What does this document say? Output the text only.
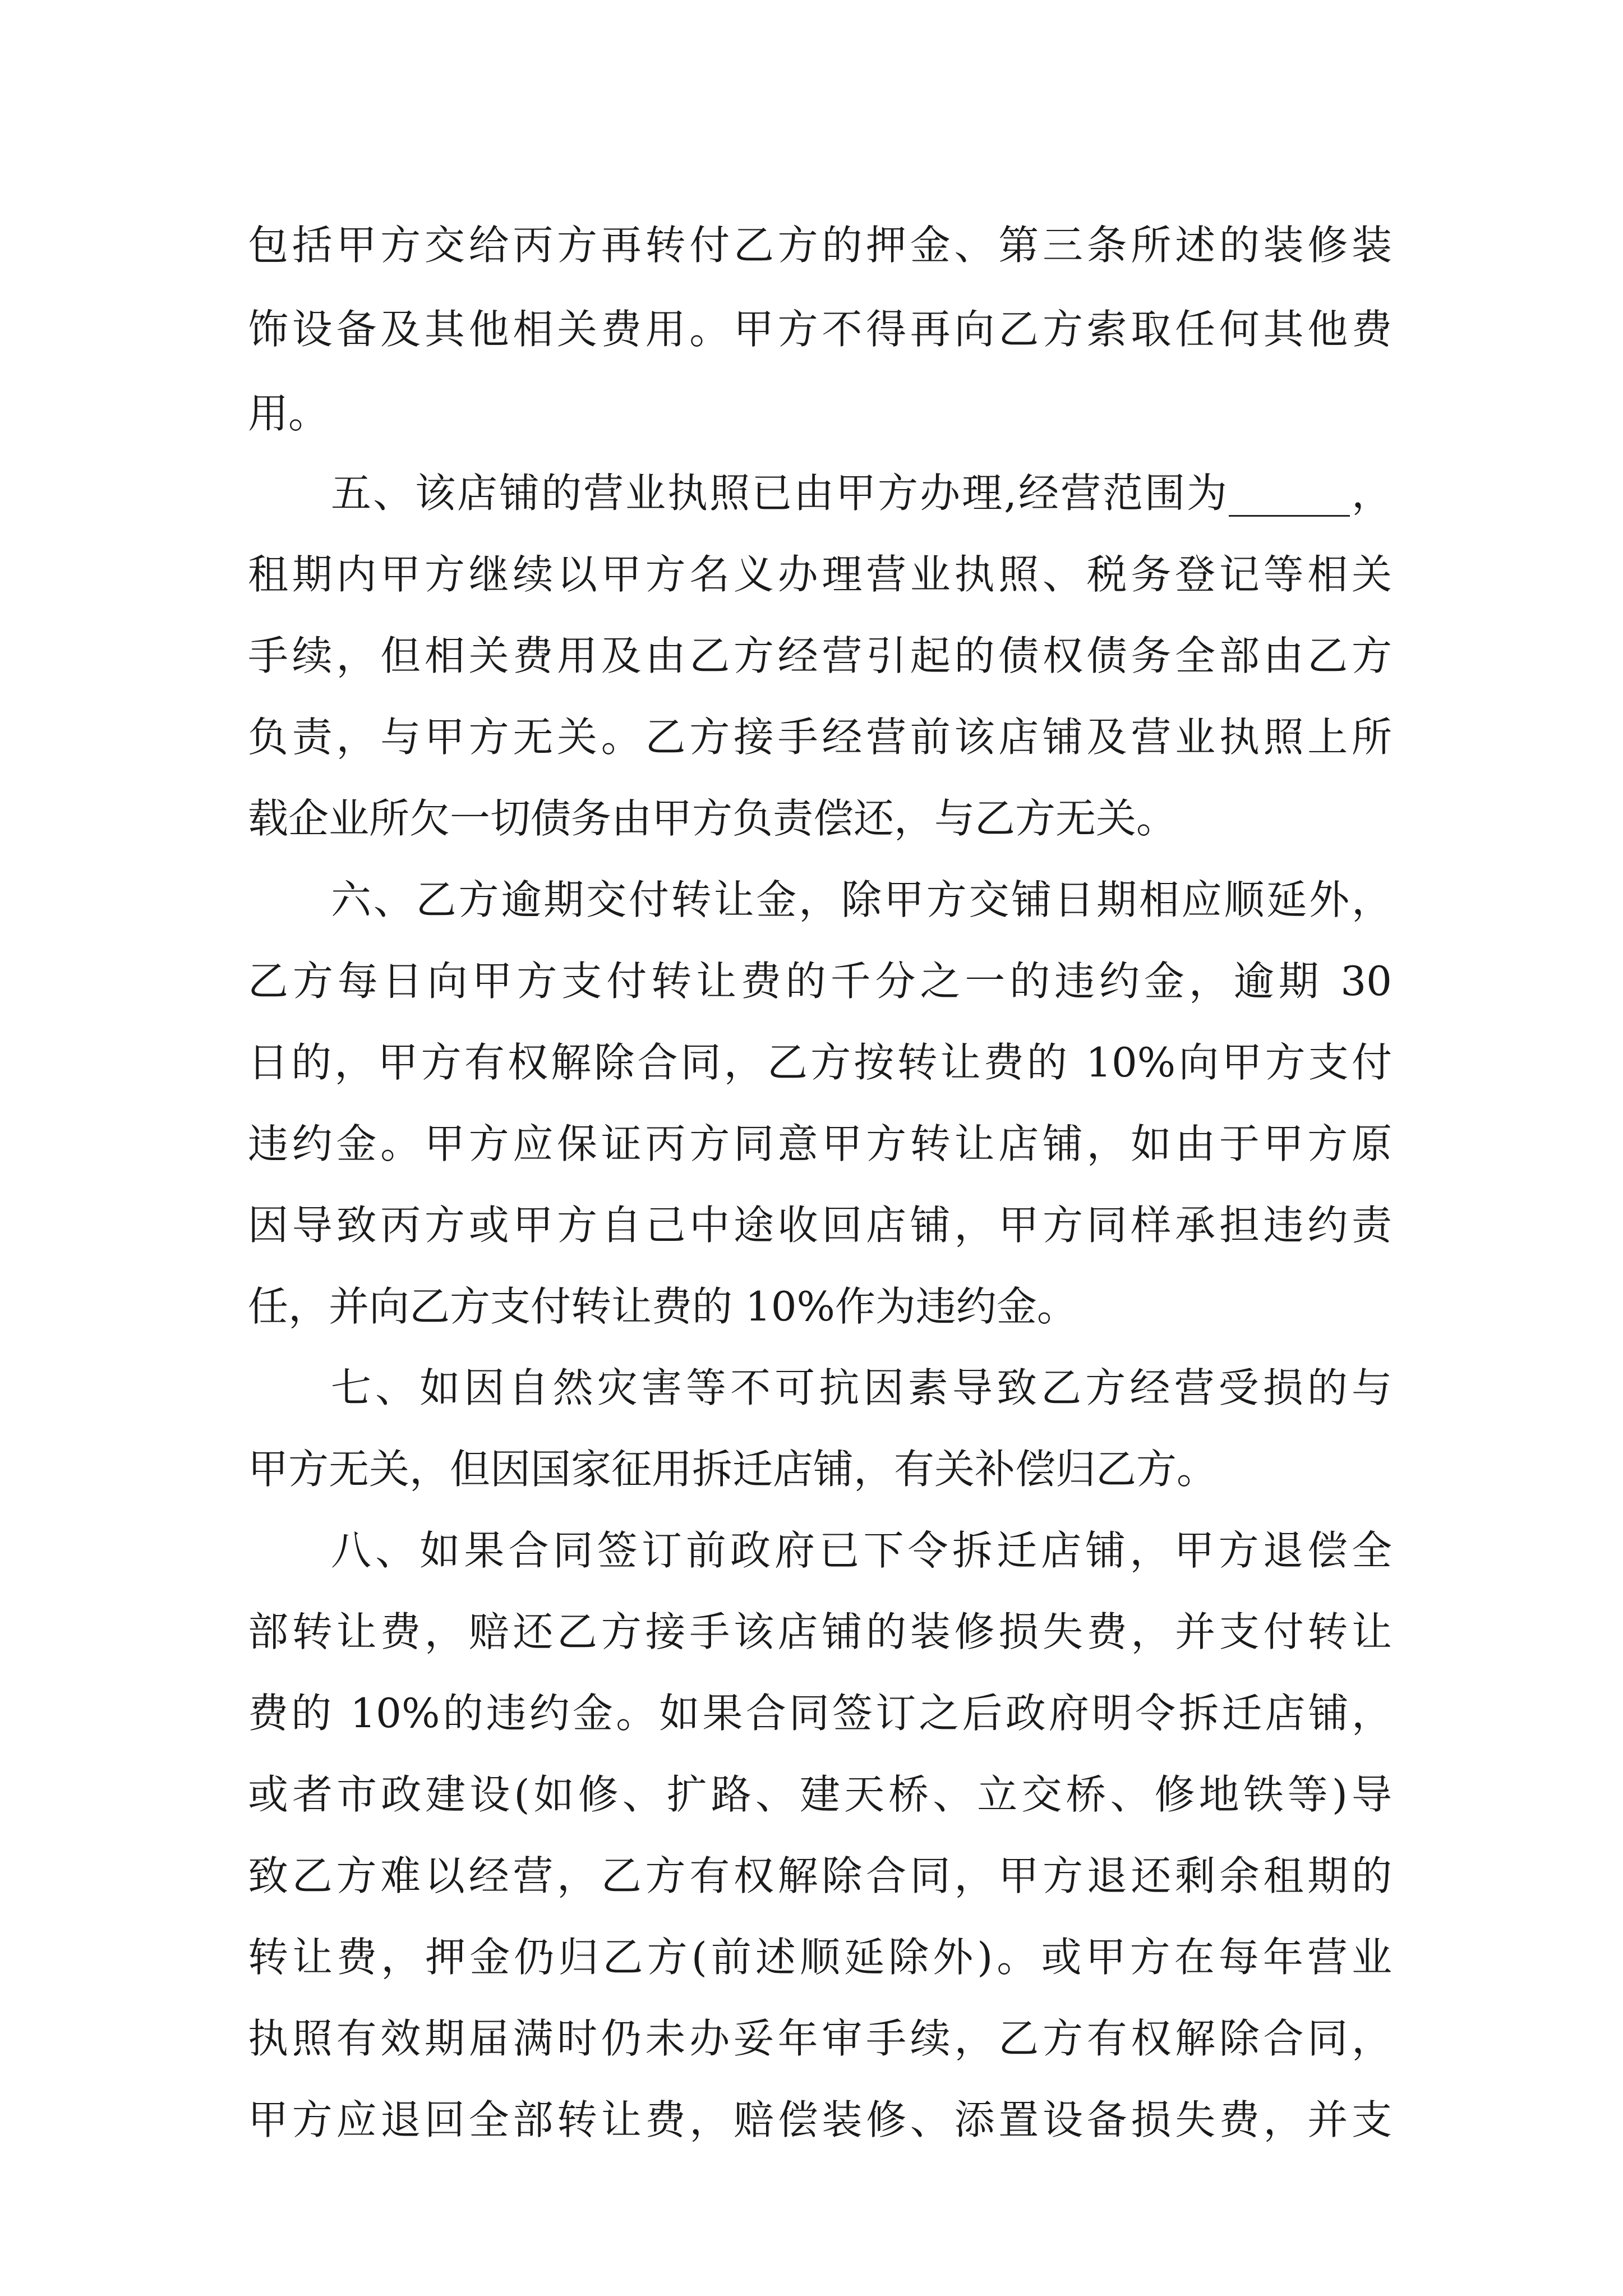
包括甲方交给丙方再转付乙方的押金、第三条所述的装修装
饰设备及其他相关费用。甲方不得再向乙方索取任何其他费
用。
五、该店铺的营业执照已由甲方办理,经营范围为______，
租期内甲方继续以甲方名义办理营业执照、税务登记等相关
手续，但相关费用及由乙方经营引起的债权债务全部由乙方
负责，与甲方无关。乙方接手经营前该店铺及营业执照上所
载企业所欠一切债务由甲方负责偿还，与乙方无关。
六、乙方逾期交付转让金，除甲方交铺日期相应顺延外，
乙方每日向甲方支付转让费的千分之一的违约金，逾期 30
日的，甲方有权解除合同，乙方按转让费的 10%向甲方支付
违约金。甲方应保证丙方同意甲方转让店铺，如由于甲方原
因导致丙方或甲方自己中途收回店铺，甲方同样承担违约责
任，并向乙方支付转让费的 10%作为违约金。
七、如因自然灾害等不可抗因素导致乙方经营受损的与
甲方无关，但因国家征用拆迁店铺，有关补偿归乙方。
八、如果合同签订前政府已下令拆迁店铺，甲方退偿全
部转让费，赔还乙方接手该店铺的装修损失费，并支付转让
费的 10%的违约金。如果合同签订之后政府明令拆迁店铺，
或者市政建设(如修、扩路、建天桥、立交桥、修地铁等)导
致乙方难以经营，乙方有权解除合同，甲方退还剩余租期的
转让费，押金仍归乙方(前述顺延除外)。或甲方在每年营业
执照有效期届满时仍未办妥年审手续，乙方有权解除合同，
甲方应退回全部转让费，赔偿装修、添置设备损失费，并支
